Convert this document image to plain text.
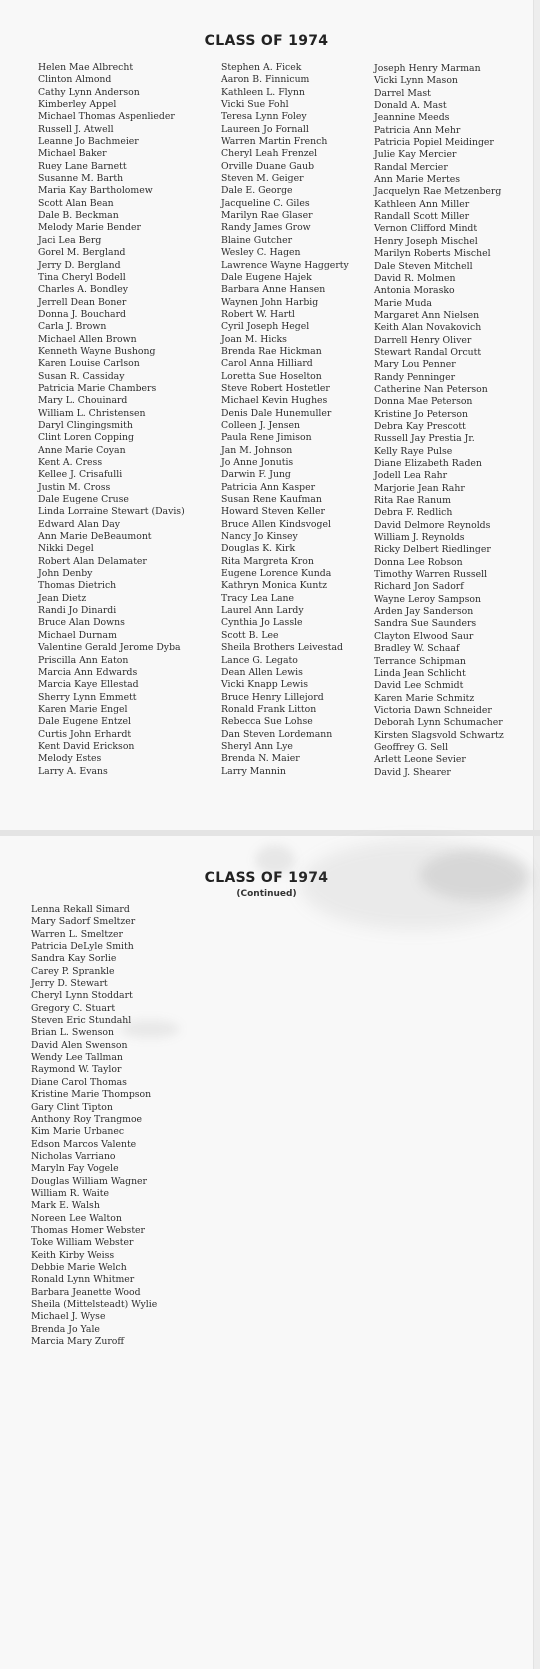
CLASS OF 1974
Helen Mae Albrecht
Clinton Almond
Cathy Lynn Anderson
Kimberley Appel
Michael Thomas Aspenlieder
Russell J. Atwell
Leanne Jo Bachmeier
Michael Baker
Ruey Lane Barnett
Susanne M. Barth
Maria Kay Bartholomew
Scott Alan Bean
Dale B. Beckman
Melody Marie Bender
Jaci Lea Berg
Gorel M. Bergland
Jerry D. Bergland
Tina Cheryl Bodell
Charles A. Bondley
Jerrell Dean Boner
Donna J. Bouchard
Carla J. Brown
Michael Allen Brown
Kenneth Wayne Bushong
Karen Louise Carlson
Susan R. Cassiday
Patricia Marie Chambers
Mary L. Chouinard
William L. Christensen
Daryl Clingingsmith
Clint Loren Copping
Anne Marie Coyan
Kent A. Cress
Kellee J. Crisafulli
Justin M. Cross
Dale Eugene Cruse
Linda Lorraine Stewart (Davis)
Edward Alan Day
Ann Marie DeBeaumont
Nikki Degel
Robert Alan Delamater
John Denby
Thomas Dietrich
Jean Dietz
Randi Jo Dinardi
Bruce Alan Downs
Michael Durnam
Valentine Gerald Jerome Dyba
Priscilla Ann Eaton
Marcia Ann Edwards
Marcia Kaye Ellestad
Sherry Lynn Emmett
Karen Marie Engel
Dale Eugene Entzel
Curtis John Erhardt
Kent David Erickson
Melody Estes
Larry A. Evans
Stephen A. Ficek
Aaron B. Finnicum
Kathleen L. Flynn
Vicki Sue Fohl
Teresa Lynn Foley
Laureen Jo Fornall
Warren Martin French
Cheryl Leah Frenzel
Orville Duane Gaub
Steven M. Geiger
Dale E. George
Jacqueline C. Giles
Marilyn Rae Glaser
Randy James Grow
Blaine Gutcher
Wesley C. Hagen
Lawrence Wayne Haggerty
Dale Eugene Hajek
Barbara Anne Hansen
Waynen John Harbig
Robert W. Hartl
Cyril Joseph Hegel
Joan M. Hicks
Brenda Rae Hickman
Carol Anna Hilliard
Loretta Sue Hoselton
Steve Robert Hostetler
Michael Kevin Hughes
Denis Dale Hunemuller
Colleen J. Jensen
Paula Rene Jimison
Jan M. Johnson
Jo Anne Jonutis
Darwin F. Jung
Patricia Ann Kasper
Susan Rene Kaufman
Howard Steven Keller
Bruce Allen Kindsvogel
Nancy Jo Kinsey
Douglas K. Kirk
Rita Margreta Kron
Eugene Lorence Kunda
Kathryn Monica Kuntz
Tracy Lea Lane
Laurel Ann Lardy
Cynthia Jo Lassle
Scott B. Lee
Sheila Brothers Leivestad
Lance G. Legato
Dean Allen Lewis
Vicki Knapp Lewis
Bruce Henry Lillejord
Ronald Frank Litton
Rebecca Sue Lohse
Dan Steven Lordemann
Sheryl Ann Lye
Brenda N. Maier
Larry Mannin
Joseph Henry Marman
Vicki Lynn Mason
Darrel Mast
Donald A. Mast
Jeannine Meeds
Patricia Ann Mehr
Patricia Popiel Meidinger
Julie Kay Mercier
Randal Mercier
Ann Marie Mertes
Jacquelyn Rae Metzenberg
Kathleen Ann Miller
Randall Scott Miller
Vernon Clifford Mindt
Henry Joseph Mischel
Marilyn Roberts Mischel
Dale Steven Mitchell
David R. Molmen
Antonia Morasko
Marie Muda
Margaret Ann Nielsen
Keith Alan Novakovich
Darrell Henry Oliver
Stewart Randal Orcutt
Mary Lou Penner
Randy Penninger
Catherine Nan Peterson
Donna Mae Peterson
Kristine Jo Peterson
Debra Kay Prescott
Russell Jay Prestia Jr.
Kelly Raye Pulse
Diane Elizabeth Raden
Jodell Lea Rahr
Marjorie Jean Rahr
Rita Rae Ranum
Debra F. Redlich
David Delmore Reynolds
William J. Reynolds
Ricky Delbert Riedlinger
Donna Lee Robson
Timothy Warren Russell
Richard Jon Sadorf
Wayne Leroy Sampson
Arden Jay Sanderson
Sandra Sue Saunders
Clayton Elwood Saur
Bradley W. Schaaf
Terrance Schipman
Linda Jean Schlicht
David Lee Schmidt
Karen Marie Schmitz
Victoria Dawn Schneider
Deborah Lynn Schumacher
Kirsten Slagsvold Schwartz
Geoffrey G. Sell
Arlett Leone Sevier
David J. Shearer
CLASS OF 1974
(Continued)
Lenna Rekall Simard
Mary Sadorf Smeltzer
Warren L. Smeltzer
Patricia DeLyle Smith
Sandra Kay Sorlie
Carey P. Sprankle
Jerry D. Stewart
Cheryl Lynn Stoddart
Gregory C. Stuart
Steven Eric Stundahl
Brian L. Swenson
David Alen Swenson
Wendy Lee Tallman
Raymond W. Taylor
Diane Carol Thomas
Kristine Marie Thompson
Gary Clint Tipton
Anthony Roy Trangmoe
Kim Marie Urbanec
Edson Marcos Valente
Nicholas Varriano
Maryln Fay Vogele
Douglas William Wagner
William R. Waite
Mark E. Walsh
Noreen Lee Walton
Thomas Homer Webster
Toke William Webster
Keith Kirby Weiss
Debbie Marie Welch
Ronald Lynn Whitmer
Barbara Jeanette Wood
Sheila (Mittelsteadt) Wylie
Michael J. Wyse
Brenda Jo Yale
Marcia Mary Zuroff
